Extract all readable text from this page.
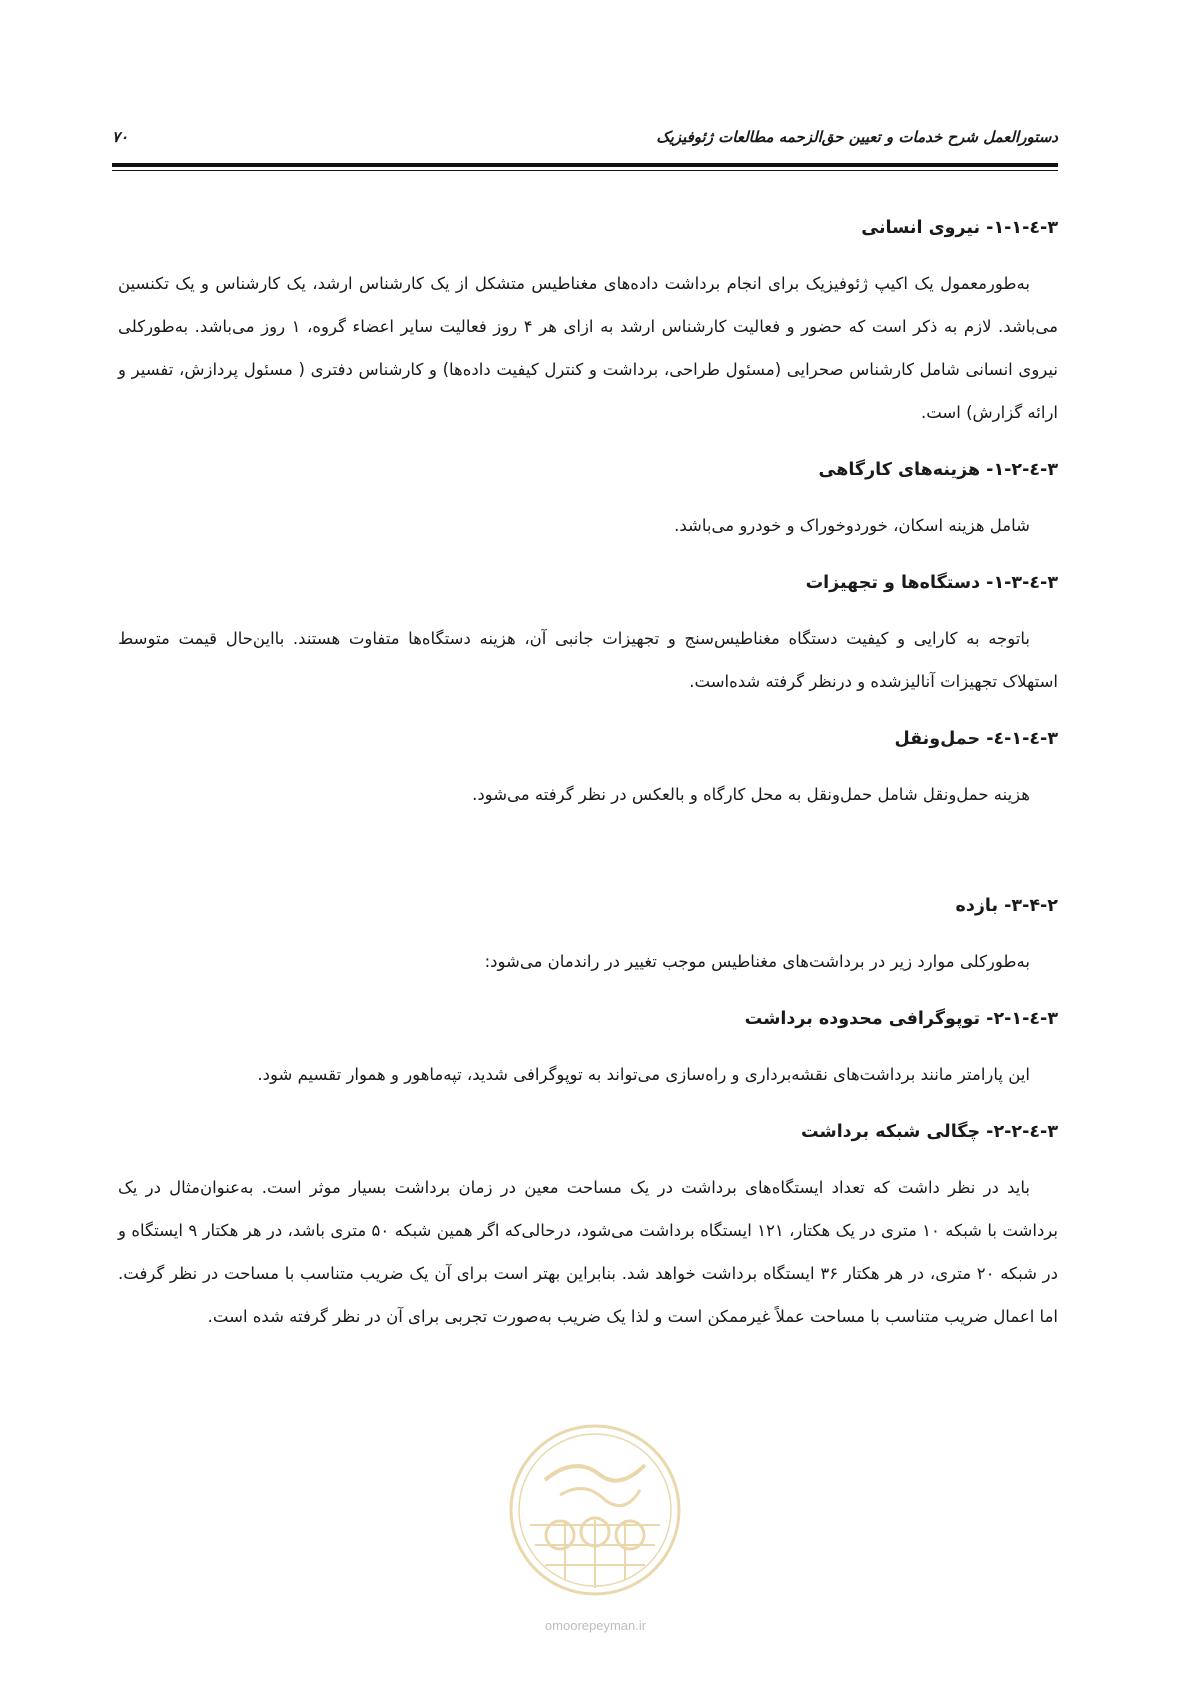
دستورالعمل شرح خدمات و تعیین حق‌الزحمه مطالعات ژئوفیزیک
۷۰
۳-٤-۱-۱- نیروی انسانی

به‌طورمعمول یک اکیپ ژئوفیزیک برای انجام برداشت داده‌های مغناطیس متشکل از یک کارشناس ارشد، یک کارشناس و یک تکنسین می‌باشد. لازم به ذکر است که حضور و فعالیت کارشناس ارشد به ازای هر ۴ روز فعالیت سایر اعضاء گروه، ۱ روز می‌باشد. به‌طورکلی نیروی انسانی شامل کارشناس صحرایی (مسئول طراحی، برداشت و کنترل کیفیت داده‌ها) و کارشناس دفتری ( مسئول پردازش، تفسیر و ارائه گزارش) است.

۳-٤-۱-۲- هزینه‌های کارگاهی

شامل هزینه اسکان، خوردوخوراک و خودرو می‌باشد.

۳-٤-۱-۳- دستگاه‌ها و تجهیزات

باتوجه به کارایی و کیفیت دستگاه مغناطیس‌سنج و تجهیزات جانبی آن، هزینه دستگاه‌ها متفاوت هستند. بااین‌حال قیمت متوسط استهلاک تجهیزات آنالیزشده و درنظر گرفته شده‌است.

۳-٤-۱-٤- حمل‌ونقل

هزینه حمل‌ونقل شامل حمل‌ونقل به محل کارگاه و بالعکس در نظر گرفته می‌شود.

۳-۴-۲- بازده

به‌طورکلی موارد زیر در برداشت‌های مغناطیس موجب تغییر در راندمان می‌شود:

۳-٤-۲-۱- توپوگرافی محدوده برداشت

این پارامتر مانند برداشت‌های نقشه‌برداری و راه‌سازی می‌تواند به توپوگرافی شدید، تپه‌ماهور و هموار تقسیم شود.

۳-٤-۲-۲- چگالی شبکه برداشت

باید در نظر داشت که تعداد ایستگاه‌های برداشت در یک مساحت معین در زمان برداشت بسیار موثر است. به‌عنوان‌مثال در یک برداشت با شبکه ۱۰ متری در یک هکتار، ۱۲۱ ایستگاه برداشت می‌شود، درحالی‌که اگر همین شبکه ۵۰ متری باشد، در هر هکتار ۹ ایستگاه و در شبکه ۲۰ متری، در هر هکتار ۳۶ ایستگاه برداشت خواهد شد. بنابراین بهتر است برای آن یک ضریب متناسب با مساحت در نظر گرفت. اما اعمال ضریب متناسب با مساحت عملاً غیرممکن است و لذا یک ضریب به‌صورت تجربی برای آن در نظر گرفته شده است.

omoorepeyman.ir
